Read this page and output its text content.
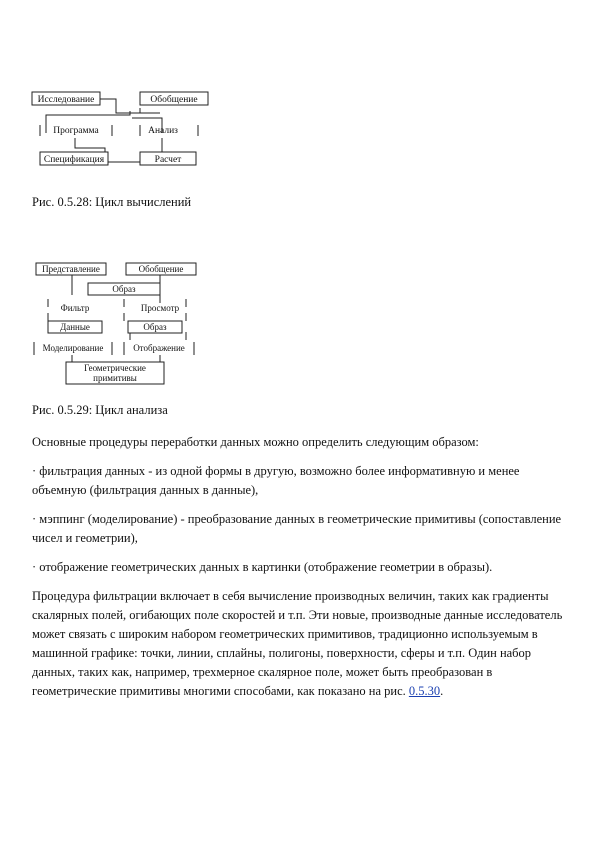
Исследование	Обобщение
Программа	Анализ
Спецификация	Расчет
Рис. 0.5.28: Цикл вычислений
Представление	Обобщение
Образ
Фильтр	Просмотр
Данные	Образ
Моделирование	Отображение
Геометрические
примитивы
Рис. 0.5.29: Цикл анализа

Основные процедуры переработки данных можно определить следующим образом:

· фильтрация данных - из одной формы в другую, возможно более информативную и менее объемную (фильтрация данных в данные),

· мэппинг (моделирование) - преобразование данных в геометрические примитивы (сопоставление чисел и геометрии),

· отображение геометрических данных в картинки (отображение геометрии в образы).

Процедура фильтрации включает в себя вычисление производных величин, таких как градиенты скалярных полей, огибающих поле скоростей и т.п. Эти новые, производные данные исследователь может связать с широким набором геометрических примитивов, традиционно используемым в машинной графике: точки, линии, сплайны, полигоны, поверхности, сферы и т.п. Один набор данных, таких как, например, трехмерное скалярное поле, может быть преобразован в геометрические примитивы многими способами, как показано на рис. 0.5.30.
